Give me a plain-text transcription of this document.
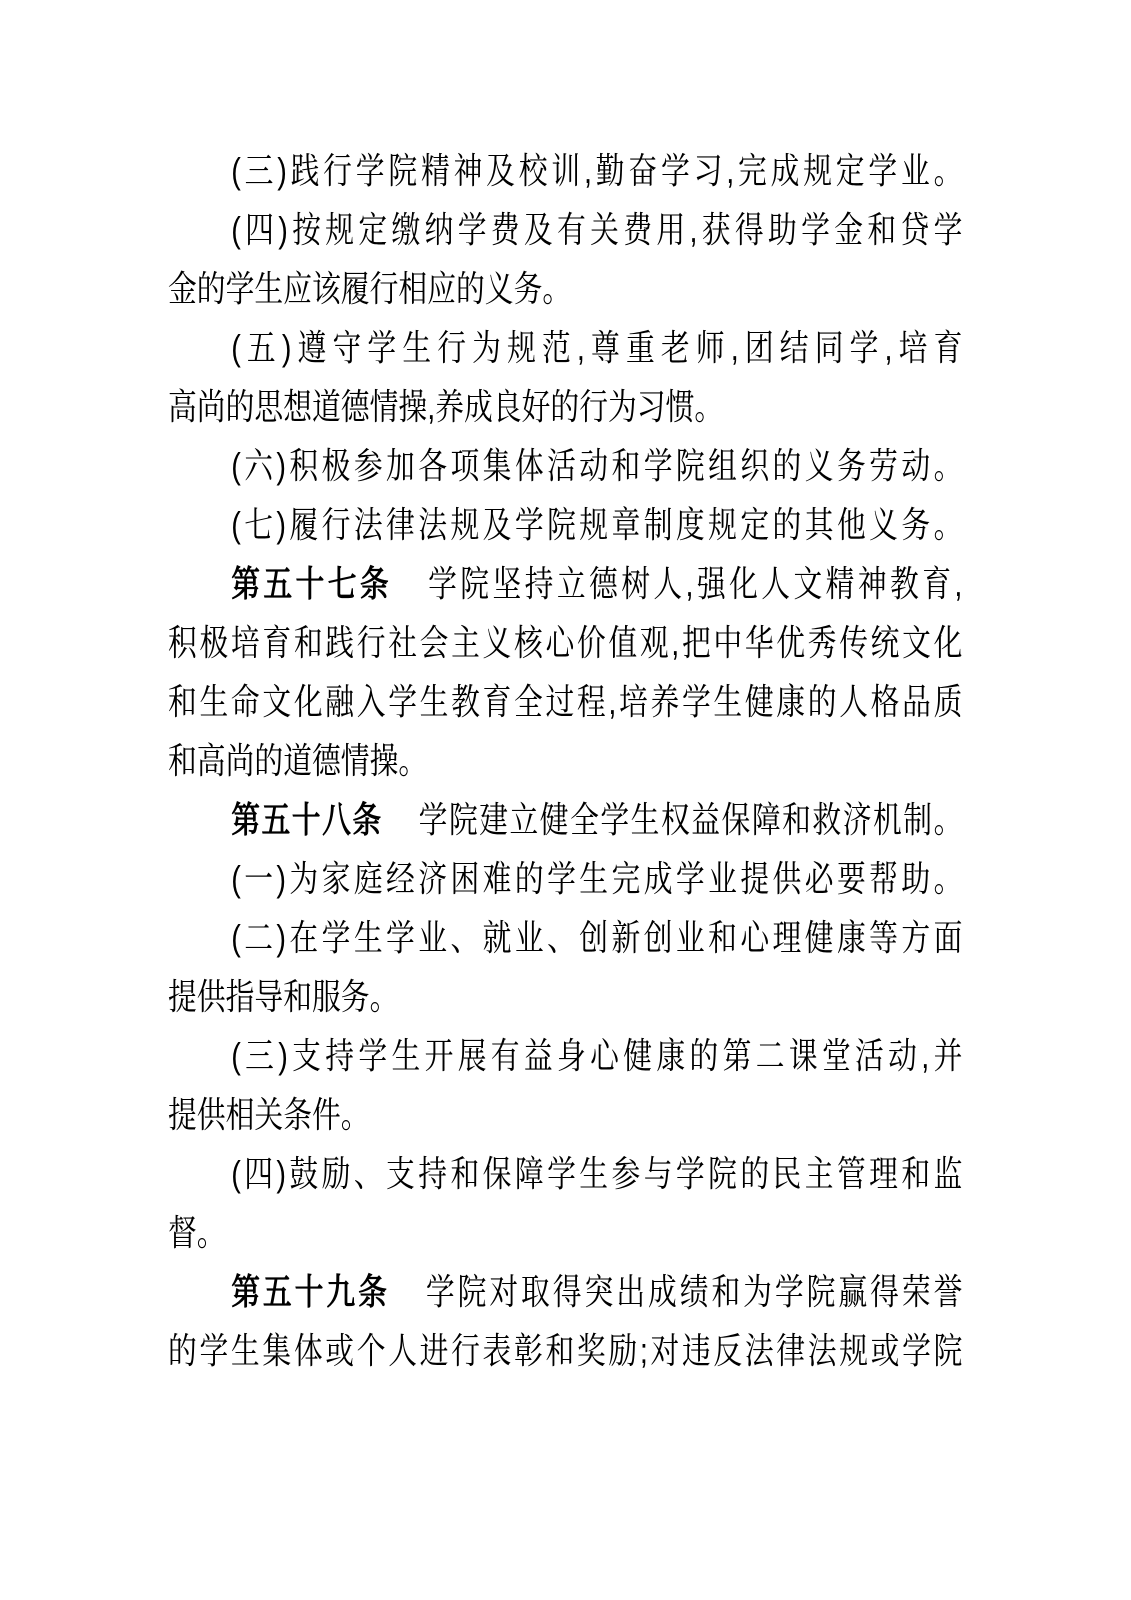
(三)践行学院精神及校训,勤奋学习,完成规定学业。
(四)按规定缴纳学费及有关费用,获得助学金和贷学
金的学生应该履行相应的义务。
(五)遵守学生行为规范,尊重老师,团结同学,培育
高尚的思想道德情操,养成良好的行为习惯。
(六)积极参加各项集体活动和学院组织的义务劳动。
(七)履行法律法规及学院规章制度规定的其他义务。
第五十七条 学院坚持立德树人,强化人文精神教育,
积极培育和践行社会主义核心价值观,把中华优秀传统文化
和生命文化融入学生教育全过程,培养学生健康的人格品质
和高尚的道德情操。
第五十八条 学院建立健全学生权益保障和救济机制。
(一)为家庭经济困难的学生完成学业提供必要帮助。
(二)在学生学业、就业、创新创业和心理健康等方面
提供指导和服务。
(三)支持学生开展有益身心健康的第二课堂活动,并
提供相关条件。
(四)鼓励、支持和保障学生参与学院的民主管理和监
督。
第五十九条 学院对取得突出成绩和为学院赢得荣誉
的学生集体或个人进行表彰和奖励;对违反法律法规或学院
